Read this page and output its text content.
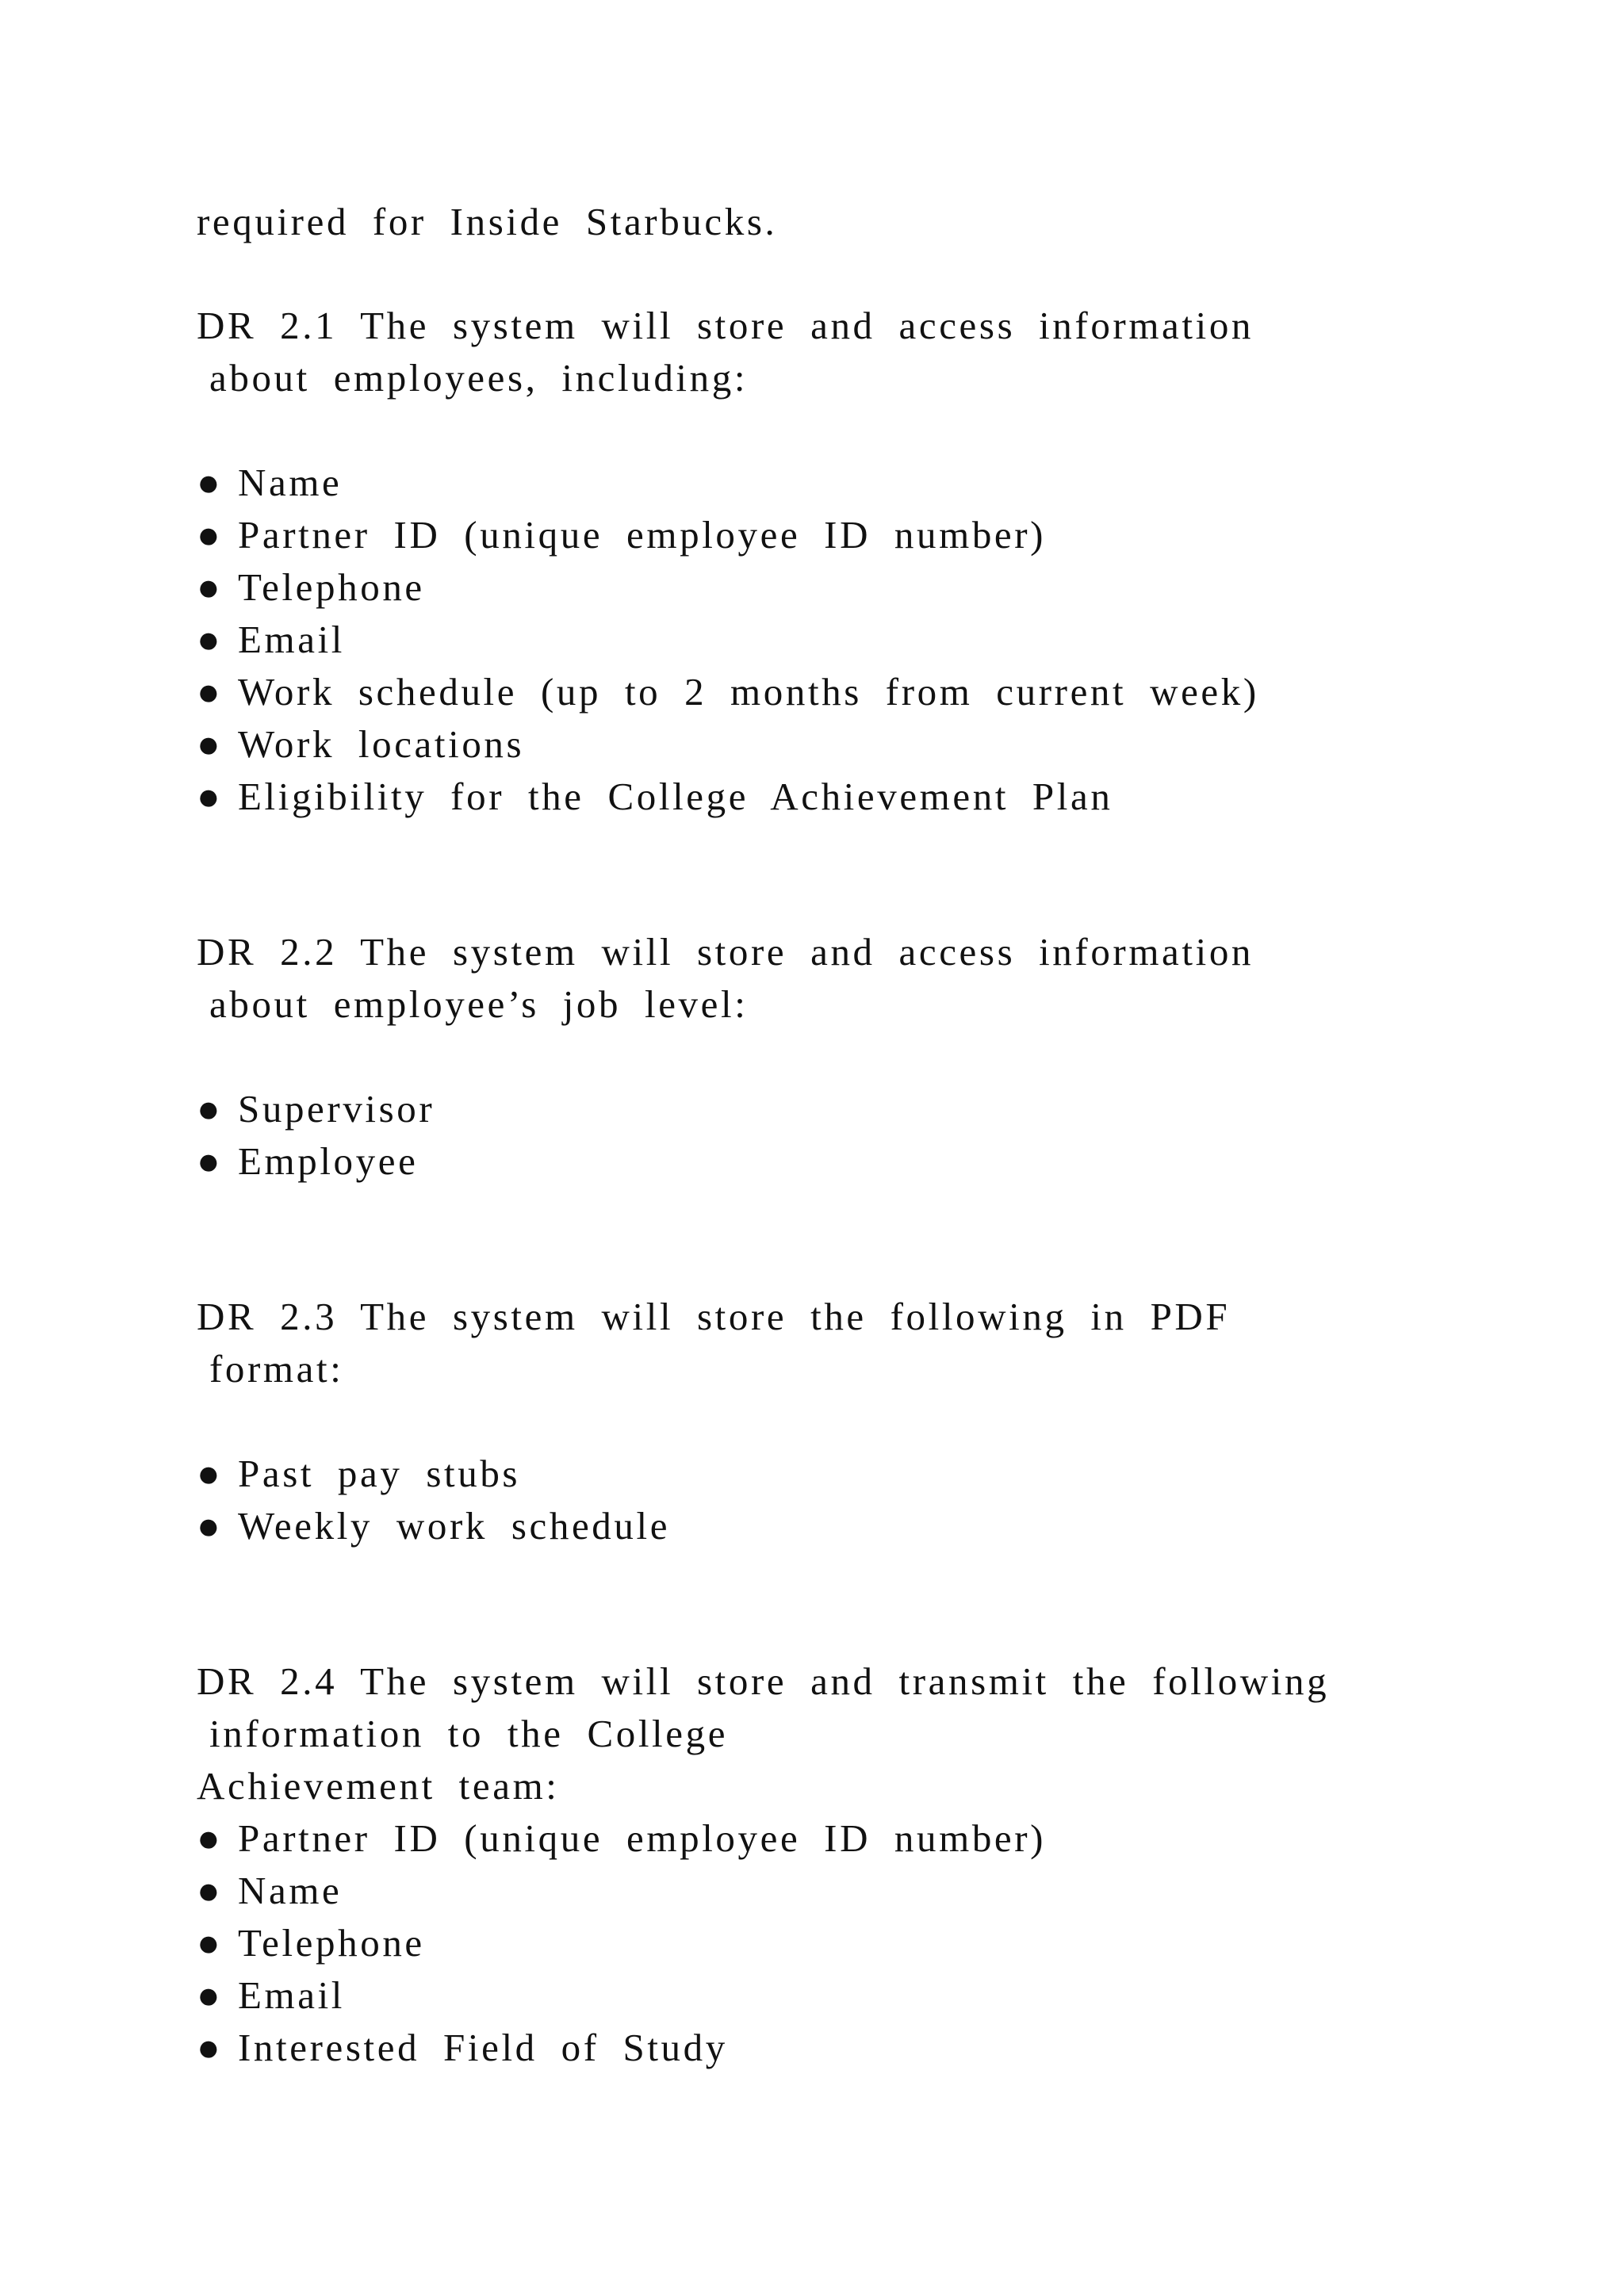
required for Inside Starbucks.

DR 2.1 The system will store and access information

about employees, including:

● Name

● Partner ID (unique employee ID number)

● Telephone

● Email

● Work schedule (up to 2 months from current week)

● Work locations

● Eligibility for the College Achievement Plan

DR 2.2 The system will store and access information

about employee’s job level:

● Supervisor

● Employee

DR 2.3 The system will store the following in PDF

format:

● Past pay stubs

● Weekly work schedule

DR 2.4 The system will store and transmit the following

information to the College

Achievement team:

● Partner ID (unique employee ID number)

● Name

● Telephone

● Email

● Interested Field of Study
